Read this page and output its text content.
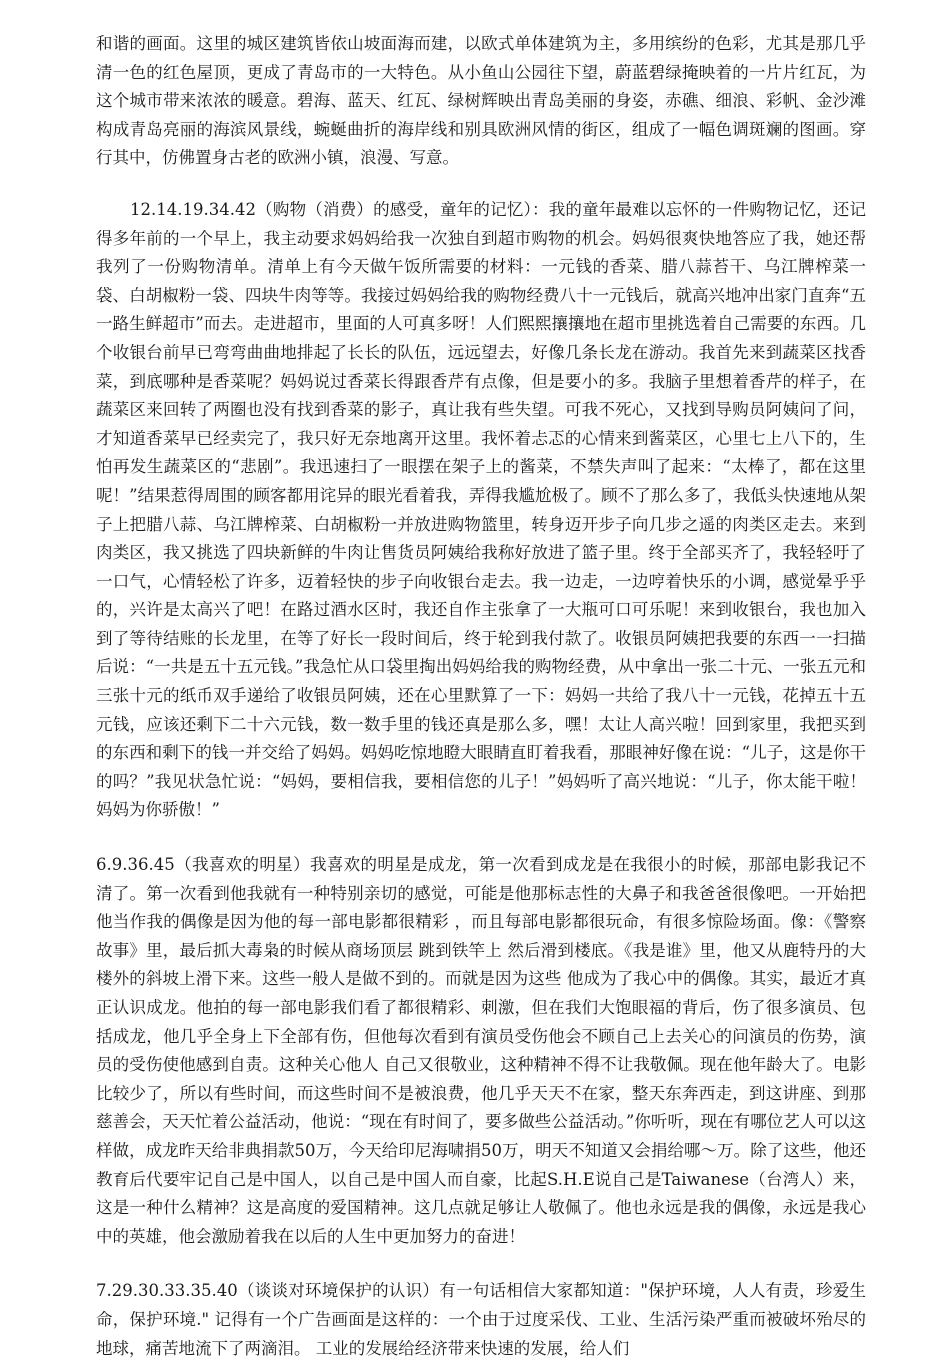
和谐的画面。这里的城区建筑皆依山坡面海而建，以欧式单体建筑为主，多用缤纷的色彩，尤其是那几乎清一色的红色屋顶，更成了青岛市的一大特色。从小鱼山公园往下望，蔚蓝碧绿掩映着的一片片红瓦，为这个城市带来浓浓的暖意。碧海、蓝天、红瓦、绿树辉映出青岛美丽的身姿，赤礁、细浪、彩帆、金沙滩构成青岛亮丽的海滨风景线，蜿蜒曲折的海岸线和别具欧洲风情的街区，组成了一幅色调斑斓的图画。穿行其中，仿佛置身古老的欧洲小镇，浪漫、写意。

12.14.19.34.42（购物（消费）的感受，童年的记忆）：我的童年最难以忘怀的一件购物记忆，还记得多年前的一个早上，我主动要求妈妈给我一次独自到超市购物的机会。妈妈很爽快地答应了我，她还帮我列了一份购物清单。清单上有今天做午饭所需要的材料：一元钱的香菜、腊八蒜苔干、乌江牌榨菜一袋、白胡椒粉一袋、四块牛肉等等。我接过妈妈给我的购物经费八十一元钱后，就高兴地冲出家门直奔“五一路生鲜超市”而去。走进超市，里面的人可真多呀！人们熙熙攘攘地在超市里挑选着自己需要的东西。几个收银台前早已弯弯曲曲地排起了长长的队伍，远远望去，好像几条长龙在游动。我首先来到蔬菜区找香菜，到底哪种是香菜呢？妈妈说过香菜长得跟香芹有点像，但是要小的多。我脑子里想着香芹的样子，在蔬菜区来回转了两圈也没有找到香菜的影子，真让我有些失望。可我不死心，又找到导购员阿姨问了问，才知道香菜早已经卖完了，我只好无奈地离开这里。我怀着忐忑的心情来到酱菜区，心里七上八下的，生怕再发生蔬菜区的“悲剧”。我迅速扫了一眼摆在架子上的酱菜，不禁失声叫了起来：“太棒了，都在这里呢！”结果惹得周围的顾客都用诧异的眼光看着我，弄得我尴尬极了。顾不了那么多了，我低头快速地从架子上把腊八蒜、乌江牌榨菜、白胡椒粉一并放进购物篮里，转身迈开步子向几步之遥的肉类区走去。来到肉类区，我又挑选了四块新鲜的牛肉让售货员阿姨给我称好放进了篮子里。终于全部买齐了，我轻轻吁了一口气，心情轻松了许多，迈着轻快的步子向收银台走去。我一边走，一边哼着快乐的小调，感觉晕乎乎的，兴许是太高兴了吧！在路过酒水区时，我还自作主张拿了一大瓶可口可乐呢！来到收银台，我也加入到了等待结账的长龙里，在等了好长一段时间后，终于轮到我付款了。收银员阿姨把我要的东西一一扫描后说：“一共是五十五元钱。”我急忙从口袋里掏出妈妈给我的购物经费，从中拿出一张二十元、一张五元和三张十元的纸币双手递给了收银员阿姨，还在心里默算了一下：妈妈一共给了我八十一元钱，花掉五十五元钱，应该还剩下二十六元钱，数一数手里的钱还真是那么多，嘿！太让人高兴啦！回到家里，我把买到的东西和剩下的钱一并交给了妈妈。妈妈吃惊地瞪大眼睛直盯着我看，那眼神好像在说：“儿子，这是你干的吗？”我见状急忙说：“妈妈，要相信我，要相信您的儿子！”妈妈听了高兴地说：“儿子，你太能干啦！妈妈为你骄傲！”

6.9.36.45（我喜欢的明星）我喜欢的明星是成龙，第一次看到成龙是在我很小的时候，那部电影我记不清了。第一次看到他我就有一种特别亲切的感觉，可能是他那标志性的大鼻子和我爸爸很像吧。一开始把他当作我的偶像是因为他的每一部电影都很精彩 ，而且每部电影都很玩命，有很多惊险场面。像：《警察故事》里，最后抓大毒枭的时候从商场顶层 跳到铁竿上 然后滑到楼底。《我是谁》里，他又从鹿特丹的大楼外的斜坡上滑下来。这些一般人是做不到的。而就是因为这些 他成为了我心中的偶像。其实，最近才真正认识成龙。他拍的每一部电影我们看了都很精彩、刺激，但在我们大饱眼福的背后，伤了很多演员、包括成龙，他几乎全身上下全部有伤，但他每次看到有演员受伤他会不顾自己上去关心的问演员的伤势，演员的受伤使他感到自责。这种关心他人 自己又很敬业，这种精神不得不让我敬佩。现在他年龄大了。电影比较少了，所以有些时间，而这些时间不是被浪费，他几乎天天不在家，整天东奔西走，到这讲座、到那慈善会，天天忙着公益活动，他说：“现在有时间了，要多做些公益活动。”你听听，现在有哪位艺人可以这样做，成龙昨天给非典捐款50万，今天给印尼海啸捐50万，明天不知道又会捐给哪～万。除了这些，他还教育后代要牢记自己是中国人，以自己是中国人而自豪，比起S.H.E说自己是Taiwanese（台湾人）来，这是一种什么精神？这是高度的爱国精神。这几点就足够让人敬佩了。他也永远是我的偶像，永远是我心中的英雄，他会激励着我在以后的人生中更加努力的奋进！

7.29.30.33.35.40（谈谈对环境保护的认识）有一句话相信大家都知道："保护环境，人人有责，珍爱生命，保护环境." 记得有一个广告画面是这样的：一个由于过度采伐、工业、生活污染严重而被破坏殆尽的地球，痛苦地流下了两滴泪。 工业的发展给经济带来快速的发展，给人们
